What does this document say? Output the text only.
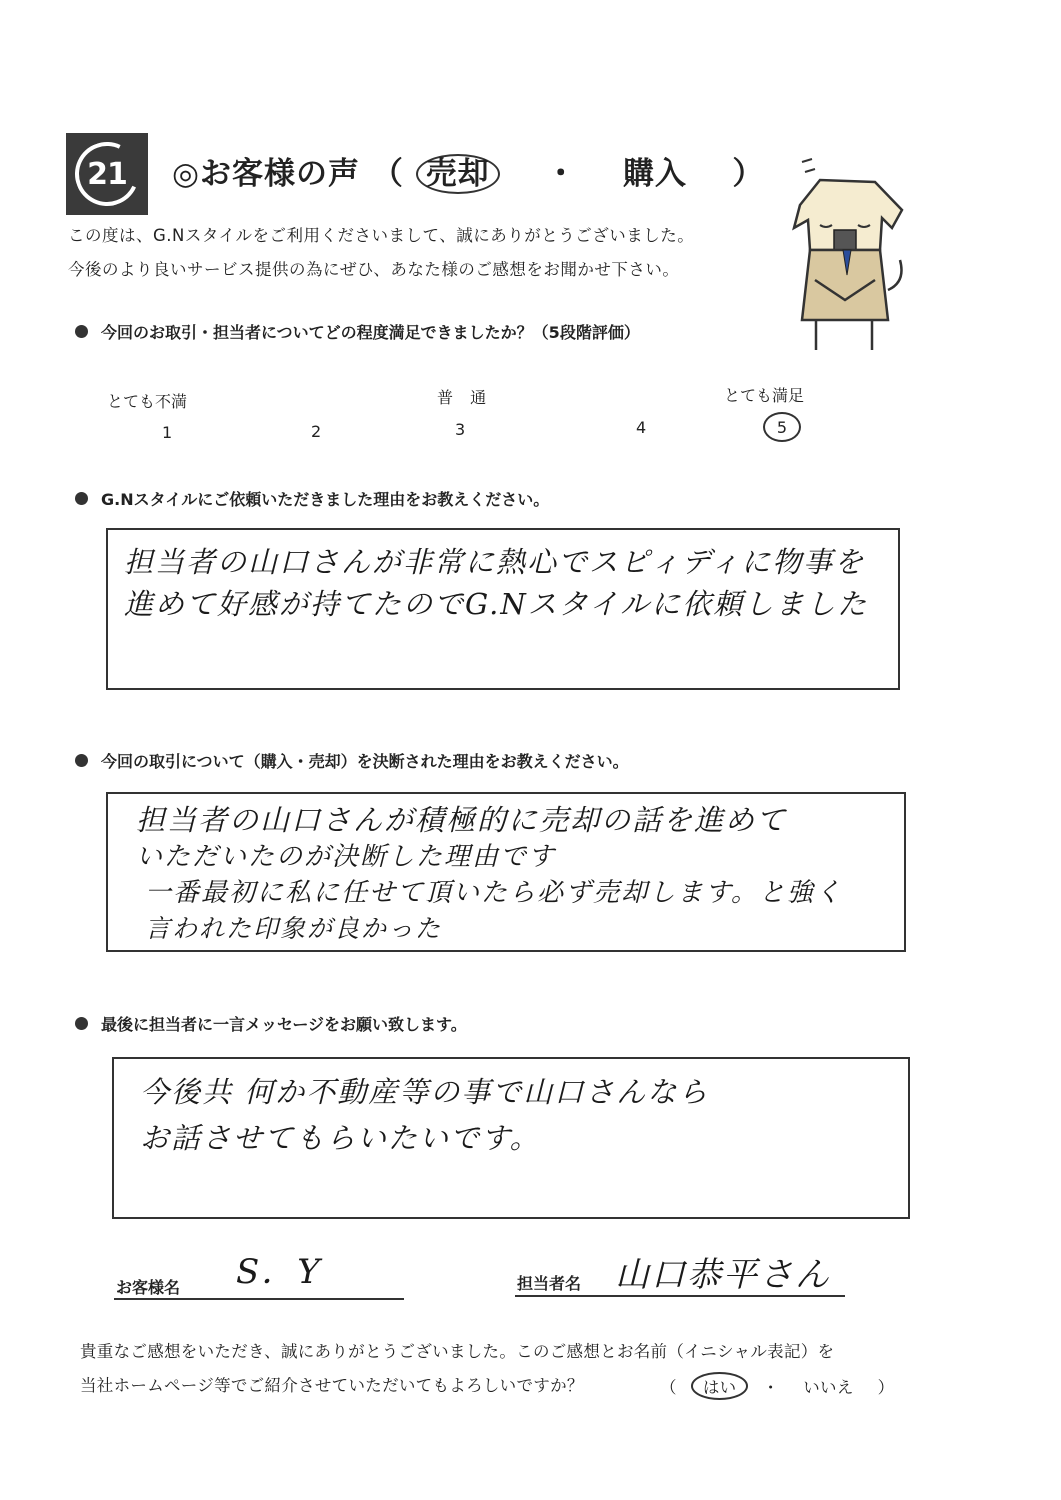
21 ◎お客様の声 （ 売却 ・ 購入 ）
この度は、G.Nスタイルをご利用くださいまして、誠にありがとうございました。
今後のより良いサービス提供の為にぜひ、あなた様のご感想をお聞かせ下さい。
今回のお取引・担当者についてどの程度満足できましたか？（5段階評価）
とても不満	普 通	とても満足
1	2	3	4	5
G.Nスタイルにご依頼いただきました理由をお教えください。
担当者の山口さんが非常に熱心でスピィディに物事を
進めて好感が持てたのでG.Nスタイルに依頼しました
今回の取引について（購入・売却）を決断された理由をお教えください。
担当者の山口さんが積極的に売却の話を進めて
いただいたのが決断した理由です
一番最初に私に任せて頂いたら必ず売却します。と強く
言われた印象が良かった
最後に担当者に一言メッセージをお願い致します。
今後共 何か不動産等の事で山口さんなら
お話させてもらいたいです。
お客様名 S．Y	担当者名 山口恭平さん
貴重なご感想をいただき、誠にありがとうございました。このご感想とお名前（イニシャル表記）を
当社ホームページ等でご紹介させていただいてもよろしいですか？	（	はい	・ いいえ ）
